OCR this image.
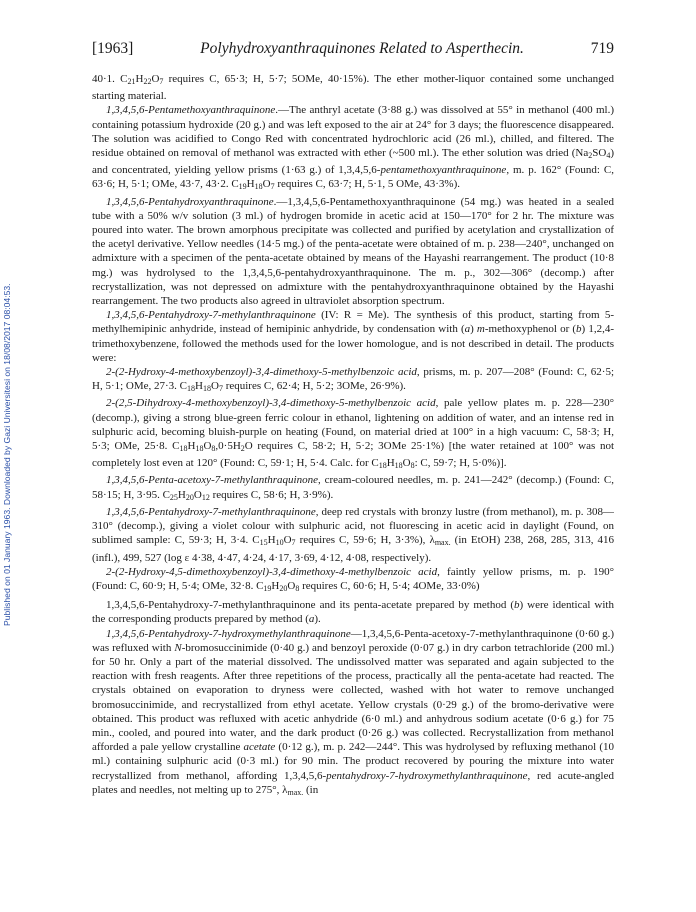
Published on 01 January 1963. Downloaded by Gazi Universitesi on 18/08/2017 08:04:53.
[1963]	Polyhydroxyanthraquinones Related to Asperthecin.	719

40·1. $C_{21}H_{22}O_7$ requires C, 65·3; H, 5·7; 5OMe, 40·15%). The ether mother-liquor contained some unchanged starting material.

1,3,4,5,6-Pentamethoxyanthraquinone.—The anthryl acetate (3·88 g.) was dissolved at 55° in methanol (400 ml.) containing potassium hydroxide (20 g.) and was left exposed to the air at 24° for 3 days; the fluorescence disappeared. The solution was acidified to Congo Red with concentrated hydrochloric acid (26 ml.), chilled, and filtered. The residue obtained on removal of methanol was extracted with ether (~500 ml.). The ether solution was dried $(Na_2SO_4)$ and concentrated, yielding yellow prisms (1·63 g.) of 1,3,4,5,6-pentamethoxyanthraquinone, m. p. 162° (Found: C, 63·6; H, 5·1; OMe, 43·7, 43·2. $C_{19}H_{18}O_7$ requires C, 63·7; H, 5·1, 5 OMe, 43·3%).

1,3,4,5,6-Pentahydroxyanthraquinone.—1,3,4,5,6-Pentamethoxyanthraquinone (54 mg.) was heated in a sealed tube with a 50% w/v solution (3 ml.) of hydrogen bromide in acetic acid at 150—170° for 2 hr. The mixture was poured into water. The brown amorphous precipitate was collected and purified by acetylation and crystallization of the acetyl derivative. Yellow needles (14·5 mg.) of the penta-acetate were obtained of m. p. 238—240°, unchanged on admixture with a specimen of the penta-acetate obtained by means of the Hayashi rearrangement. The product (10·8 mg.) was hydrolysed to the 1,3,4,5,6-pentahydroxyanthraquinone. The m. p., 302—306° (decomp.) after recrystallization, was not depressed on admixture with the pentahydroxyanthraquinone obtained by the Hayashi rearrangement. The two products also agreed in ultraviolet absorption spectrum.

1,3,4,5,6-Pentahydroxy-7-methylanthraquinone (IV: R = Me). The synthesis of this product, starting from 5-methylhemipinic anhydride, instead of hemipinic anhydride, by condensation with (a) m-methoxyphenol or (b) 1,2,4-trimethoxybenzene, followed the methods used for the lower homologue, and is not described in detail. The products were:

2-(2-Hydroxy-4-methoxybenzoyl)-3,4-dimethoxy-5-methylbenzoic acid, prisms, m. p. 207—208° (Found: C, 62·5; H, 5·1; OMe, 27·3. $C_{18}H_{18}O_7$ requires C, 62·4; H, 5·2; 3OMe, 26·9%).

2-(2,5-Dihydroxy-4-methoxybenzoyl)-3,4-dimethoxy-5-methylbenzoic acid, pale yellow plates m. p. 228—230° (decomp.), giving a strong blue-green ferric colour in ethanol, lightening on addition of water, and an intense red in sulphuric acid, becoming bluish-purple on heating (Found, on material dried at 100° in a high vacuum: C, 58·3; H, 5·3; OMe, 25·8. $C_{18}H_{18}O_8,0\cdot 5H_2O$ requires C, 58·2; H, 5·2; 3OMe 25·1%) [the water retained at 100° was not completely lost even at 120° (Found: C, 59·1; H, 5·4. Calc. for $C_{18}H_{18}O_8$: C, 59·7; H, 5·0%)].

1,3,4,5,6-Penta-acetoxy-7-methylanthraquinone, cream-coloured needles, m. p. 241—242° (decomp.) (Found: C, 58·15; H, 3·95. $C_{25}H_{20}O_{12}$ requires C, 58·6; H, 3·9%).

1,3,4,5,6-Pentahydroxy-7-methylanthraquinone, deep red crystals with bronzy lustre (from methanol), m. p. 308—310° (decomp.), giving a violet colour with sulphuric acid, not fluorescing in acetic acid in daylight (Found, on sublimed sample: C, 59·3; H, 3·4. $C_{15}H_{10}O_7$ requires C, 59·6; H, 3·3%), $\lambda_{max.}$ (in EtOH) 238, 268, 285, 313, 416 (infl.), 499, 527 (log ε 4·38, 4·47, 4·24, 4·17, 3·69, 4·12, 4·08, respectively).

2-(2-Hydroxy-4,5-dimethoxybenzoyl)-3,4-dimethoxy-4-methylbenzoic acid, faintly yellow prisms, m. p. 190° (Found: C, 60·9; H, 5·4; OMe, 32·8. $C_{19}H_{20}O_8$ requires C, 60·6; H, 5·4; 4OMe, 33·0%)

1,3,4,5,6-Pentahydroxy-7-methylanthraquinone and its penta-acetate prepared by method (b) were identical with the corresponding products prepared by method (a).

1,3,4,5,6-Pentahydroxy-7-hydroxymethylanthraquinone—1,3,4,5,6-Penta-acetoxy-7-methylanthraquinone (0·60 g.) was refluxed with N-bromosuccinimide (0·40 g.) and benzoyl peroxide (0·07 g.) in dry carbon tetrachloride (200 ml.) for 50 hr. Only a part of the material dissolved. The undissolved matter was separated and again subjected to the reaction with fresh reagents. After three repetitions of the process, practically all the penta-acetate had reacted. The crystals obtained on evaporation to dryness were collected, washed with hot water to remove unchanged bromosuccinimide, and recrystallized from ethyl acetate. Yellow crystals (0·29 g.) of the bromo-derivative were obtained. This product was refluxed with acetic anhydride (6·0 ml.) and anhydrous sodium acetate (0·6 g.) for 75 min., cooled, and poured into water, and the dark product (0·26 g.) was collected. Recrystallization from methanol afforded a pale yellow crystalline acetate (0·12 g.), m. p. 242—244°. This was hydrolysed by refluxing methanol (10 ml.) containing sulphuric acid (0·3 ml.) for 90 min. The product recovered by pouring the mixture into water recrystallized from methanol, affording 1,3,4,5,6-pentahydroxy-7-hydroxymethylanthraquinone, red acute-angled plates and needles, not melting up to 275°, $\lambda_{max.}$ (in
